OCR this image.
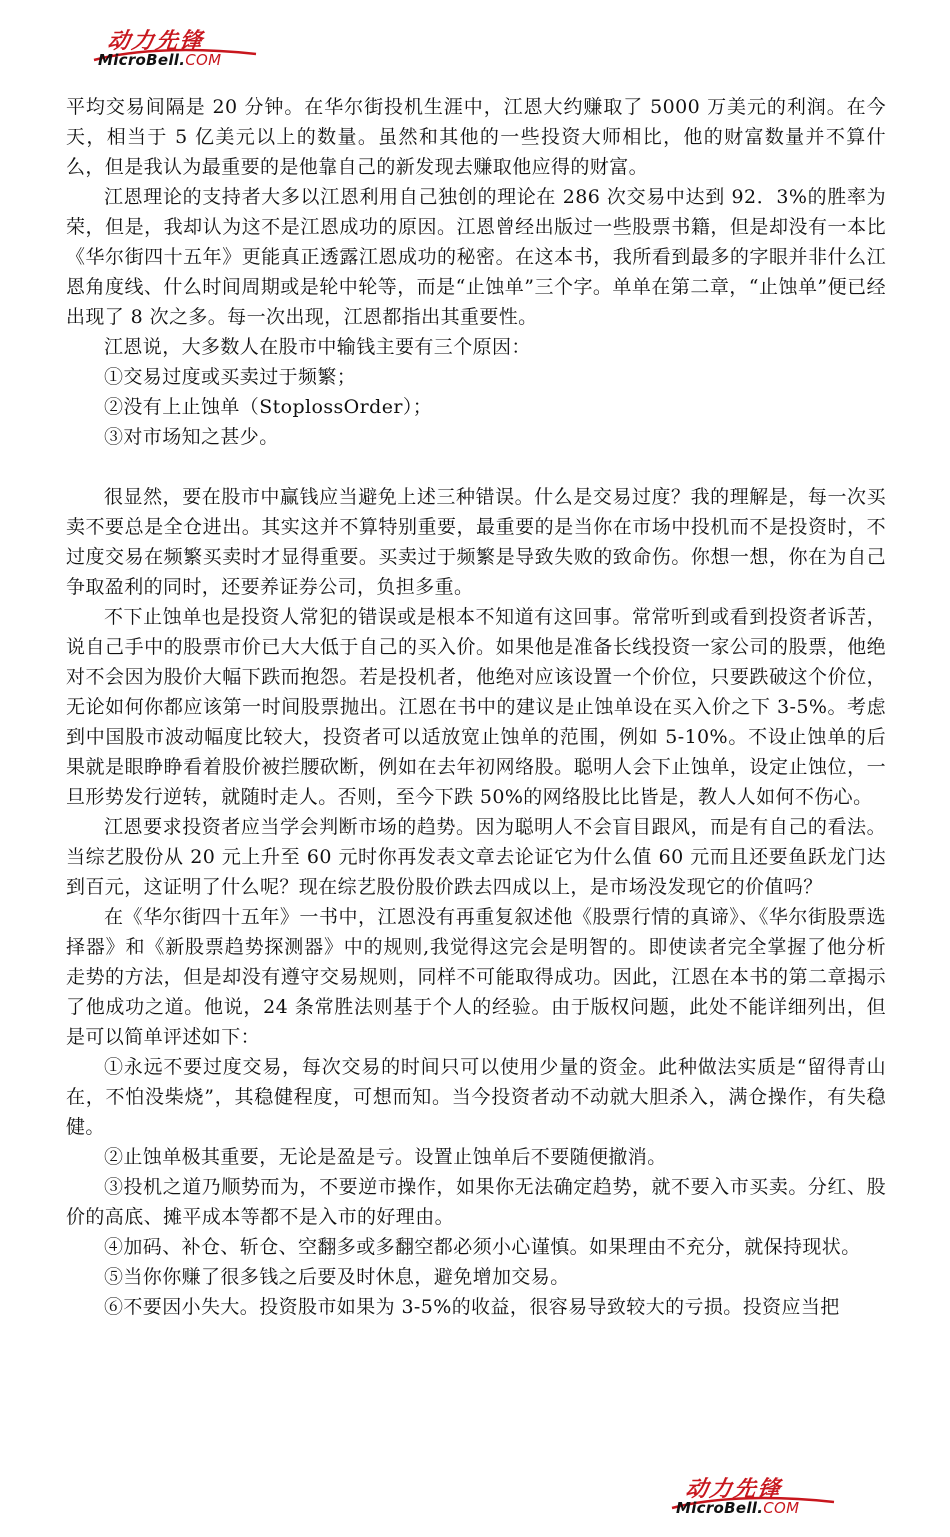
动力先锋
MicroBell.COM

平均交易间隔是 20 分钟。在华尔街投机生涯中，江恩大约赚取了 5000 万美元的利润。在今天，相当于 5 亿美元以上的数量。虽然和其他的一些投资大师相比，他的财富数量并不算什么，但是我认为最重要的是他靠自己的新发现去赚取他应得的财富。

江恩理论的支持者大多以江恩利用自己独创的理论在 286 次交易中达到 92．3%的胜率为荣，但是，我却认为这不是江恩成功的原因。江恩曾经出版过一些股票书籍，但是却没有一本比《华尔街四十五年》更能真正透露江恩成功的秘密。在这本书，我所看到最多的字眼并非什么江恩角度线、什么时间周期或是轮中轮等，而是“止蚀单”三个字。单单在第二章，“止蚀单”便已经出现了 8 次之多。每一次出现，江恩都指出其重要性。

江恩说，大多数人在股市中输钱主要有三个原因：

①交易过度或买卖过于频繁；

②没有上止蚀单（StoplossOrder）；

③对市场知之甚少。

很显然，要在股市中赢钱应当避免上述三种错误。什么是交易过度？我的理解是，每一次买卖不要总是全仓进出。其实这并不算特别重要，最重要的是当你在市场中投机而不是投资时，不过度交易在频繁买卖时才显得重要。买卖过于频繁是导致失败的致命伤。你想一想，你在为自己争取盈利的同时，还要养证券公司，负担多重。

不下止蚀单也是投资人常犯的错误或是根本不知道有这回事。常常听到或看到投资者诉苦，说自己手中的股票市价已大大低于自己的买入价。如果他是准备长线投资一家公司的股票，他绝对不会因为股价大幅下跌而抱怨。若是投机者，他绝对应该设置一个价位，只要跌破这个价位，无论如何你都应该第一时间股票抛出。江恩在书中的建议是止蚀单设在买入价之下 3-5%。考虑到中国股市波动幅度比较大，投资者可以适放宽止蚀单的范围，例如 5-10%。不设止蚀单的后果就是眼睁睁看着股价被拦腰砍断，例如在去年初网络股。聪明人会下止蚀单，设定止蚀位，一旦形势发行逆转，就随时走人。否则，至今下跌 50%的网络股比比皆是，教人人如何不伤心。

江恩要求投资者应当学会判断市场的趋势。因为聪明人不会盲目跟风，而是有自己的看法。当综艺股份从 20 元上升至 60 元时你再发表文章去论证它为什么值 60 元而且还要鱼跃龙门达到百元，这证明了什么呢？现在综艺股份股价跌去四成以上，是市场没发现它的价值吗？

在《华尔街四十五年》一书中，江恩没有再重复叙述他《股票行情的真谛》、《华尔街股票选择器》和《新股票趋势探测器》中的规则,我觉得这完会是明智的。即使读者完全掌握了他分析走势的方法，但是却没有遵守交易规则，同样不可能取得成功。因此，江恩在本书的第二章揭示了他成功之道。他说，24 条常胜法则基于个人的经验。由于版权问题，此处不能详细列出，但是可以简单评述如下：

①永远不要过度交易，每次交易的时间只可以使用少量的资金。此种做法实质是“留得青山在，不怕没柴烧”，其稳健程度，可想而知。当今投资者动不动就大胆杀入，满仓操作，有失稳健。

②止蚀单极其重要，无论是盈是亏。设置止蚀单后不要随便撤消。

③投机之道乃顺势而为，不要逆市操作，如果你无法确定趋势，就不要入市买卖。分红、股价的高底、摊平成本等都不是入市的好理由。

④加码、补仓、斩仓、空翻多或多翻空都必须小心谨慎。如果理由不充分，就保持现状。

⑤当你你赚了很多钱之后要及时休息，避免增加交易。

⑥不要因小失大。投资股市如果为 3-5%的收益，很容易导致较大的亏损。投资应当把

动力先锋
MicroBell.COM
